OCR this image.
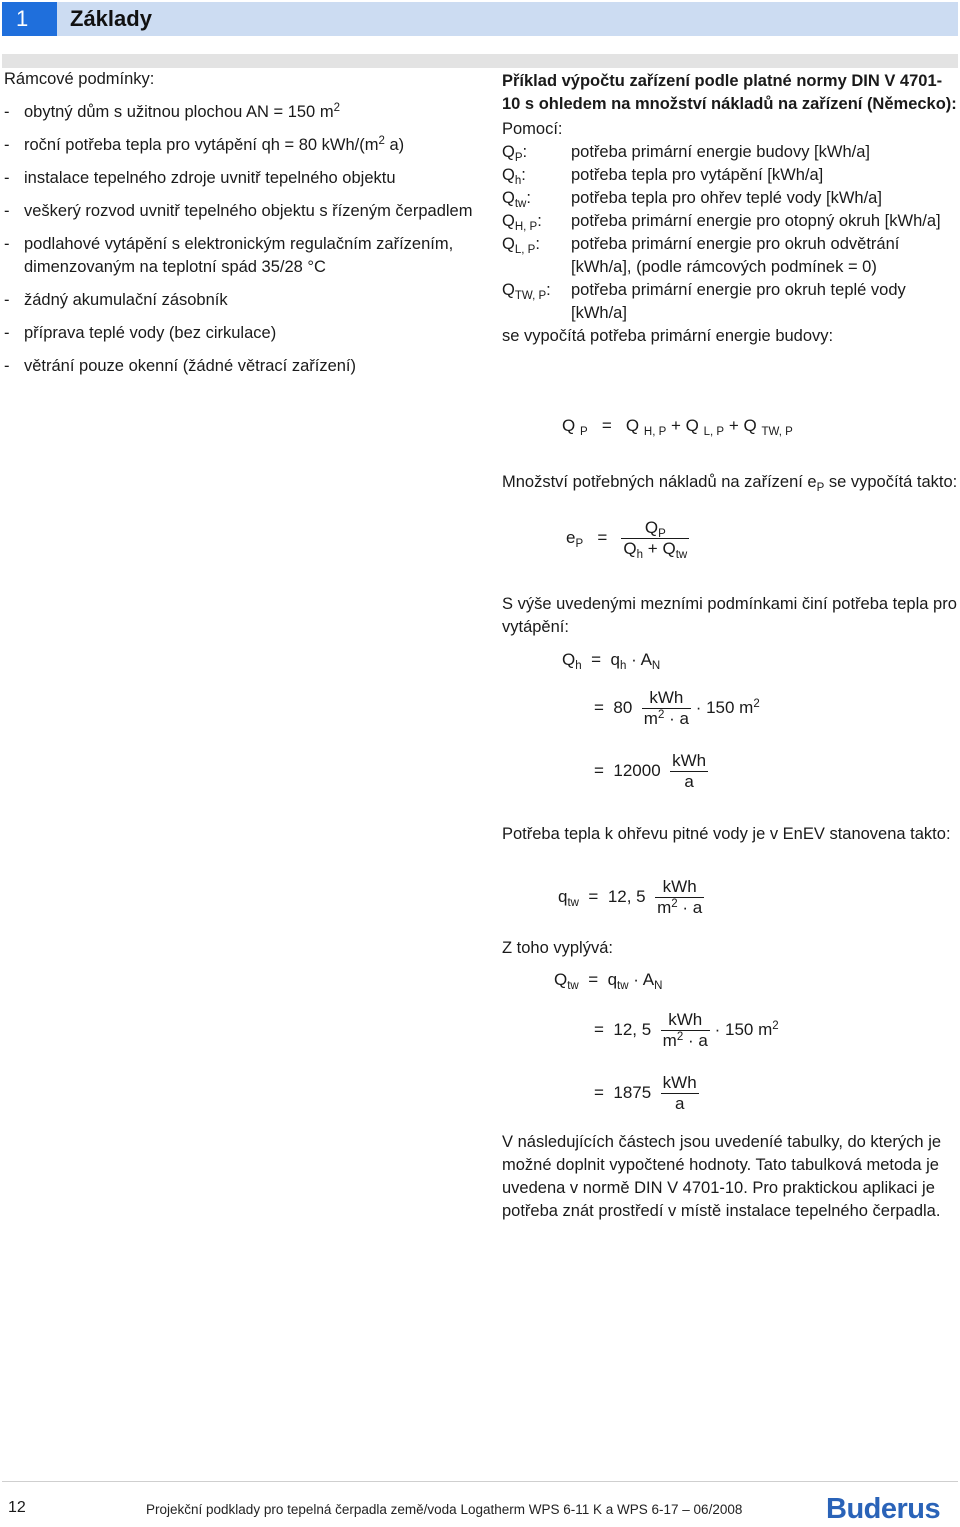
1	Základy

Rámcové podmínky:

- obytný dům s užitnou plochou AN = 150 $m^2$
- roční potřeba tepla pro vytápění qh = 80 kWh/($m^2$ a)
- instalace tepelného zdroje uvnitř tepelného objektu
- veškerý rozvod uvnitř tepelného objektu s řízeným čerpadlem
- podlahové vytápění s elektronickým regulačním zařízením, dimenzovaným na teplotní spád 35/28 °C
- žádný akumulační zásobník
- příprava teplé vody (bez cirkulace)
- větrání pouze okenní (žádné větrací zařízení)
Příklad výpočtu zařízení podle platné normy DIN V 4701-10 s ohledem na množství nákladů na zařízení (Německo):
Pomocí:
$Q_P$:	potřeba primární energie budovy [kWh/a]
$Q_h$:	potřeba tepla pro vytápění [kWh/a]
$Q_{tw}$: potřeba tepla pro ohřev teplé vody [kWh/a]
$Q_{H, P}$: potřeba primární energie pro otopný okruh [kWh/a]
$Q_{L, P}$: potřeba primární energie pro okruh odvětrání [kWh/a], (podle rámcových podmínek = 0)
$Q_{TW, P}$: potřeba primární energie pro okruh teplé vody [kWh/a]
se vypočítá potřeba primární energie budovy:
Q $_P$ = Q $_{H, P}$ + Q $_{L, P}$ + Q $_{TW, P}$
Množství potřebných nákladů na zařízení $e_P$ se vypočítá takto:
$e_P = \frac{Q_P}{Q_h + Q_{tw}}$
S výše uvedenými mezními podmínkami činí potřeba tepla pro vytápění:
$Q_h = q_h \cdot A_N$
= $80 \frac{\text{kWh}}{m^2 \cdot a} \cdot 150$ $m^2$
= $12000 \frac{\text{kWh}}{a}$
Potřeba tepla k ohřevu pitné vody je v EnEV stanovena takto:
$q_{tw} = 12$, $5 \frac{\text{kWh}}{m^2 \cdot a}$
Z toho vyplývá:
$Q_{tw} = q_{tw} \cdot A_N$
= 12, $5 \frac{\text{kWh}}{m^2 \cdot a} \cdot 150$ $m^2$
= $1875 \frac{\text{kWh}}{a}$
V následujících částech jsou uvedeníé tabulky, do kterých je možné doplnit vypočtené hodnoty. Tato tabulková metoda je uvedena v normě DIN V 4701-10. Pro praktickou aplikaci je potřeba znát prostředí v místě instalace tepelného čerpadla.
12	Projekční podklady pro tepelná čerpadla země/voda Logatherm WPS 6-11 K a WPS 6-17 – 06/2008	Buderus
